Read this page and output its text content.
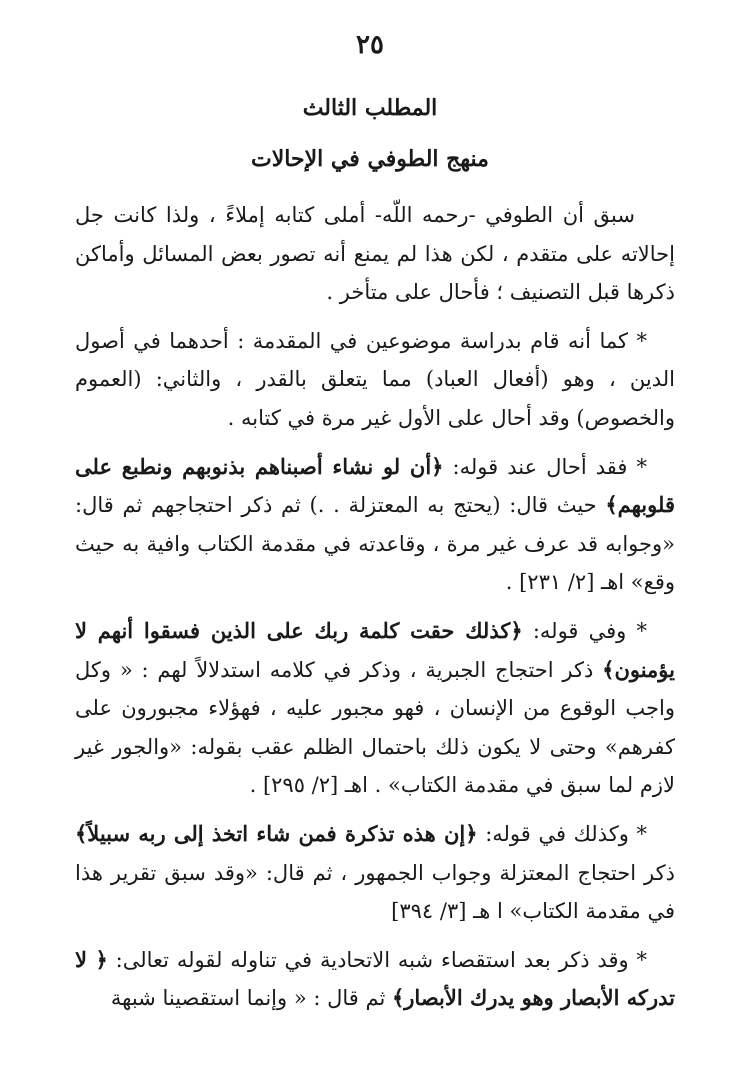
٢٥
المطلب الثالث
منهج الطوفي في الإحالات

سبق أن الطوفي -رحمه اللّه- أملى كتابه إملاءً ، ولذا كانت جل إحالاته على متقدم ، لكن هذا لم يمنع أنه تصور بعض المسائل وأماكن ذكرها قبل التصنيف ؛ فأحال على متأخر .

* كما أنه قام بدراسة موضوعين في المقدمة : أحدهما في أصول الدين ، وهو (أفعال العباد) مما يتعلق بالقدر ، والثاني: (العموم والخصوص) وقد أحال على الأول غير مرة في كتابه .

* فقد أحال عند قوله: ﴿أن لو نشاء أصبناهم بذنوبهم ونطبع على قلوبهم﴾ حيث قال: (يحتج به المعتزلة . .) ثم ذكر احتجاجهم ثم قال: «وجوابه قد عرف غير مرة ، وقاعدته في مقدمة الكتاب وافية به حيث وقع» اهـ [٢/ ٢٣١] .

* وفي قوله: ﴿كذلك حقت كلمة ربك على الذين فسقوا أنهم لا يؤمنون﴾ ذكر احتجاج الجبرية ، وذكر في كلامه استدلالاً لهم : « وكل واجب الوقوع من الإنسان ، فهو مجبور عليه ، فهؤلاء مجبورون على كفرهم» وحتى لا يكون ذلك باحتمال الظلم عقب بقوله: «والجور غير لازم لما سبق في مقدمة الكتاب» . اهـ [٢/ ٢٩٥] .

* وكذلك في قوله: ﴿إن هذه تذكرة فمن شاء اتخذ إلى ربه سبيلاً﴾ ذكر احتجاج المعتزلة وجواب الجمهور ، ثم قال: «وقد سبق تقرير هذا في مقدمة الكتاب» ا هـ [٣/ ٣٩٤]

* وقد ذكر بعد استقصاء شبه الاتحادية في تناوله لقوله تعالى: ﴿ لا تدركه الأبصار وهو يدرك الأبصار﴾ ثم قال : « وإنما استقصينا شبهة
